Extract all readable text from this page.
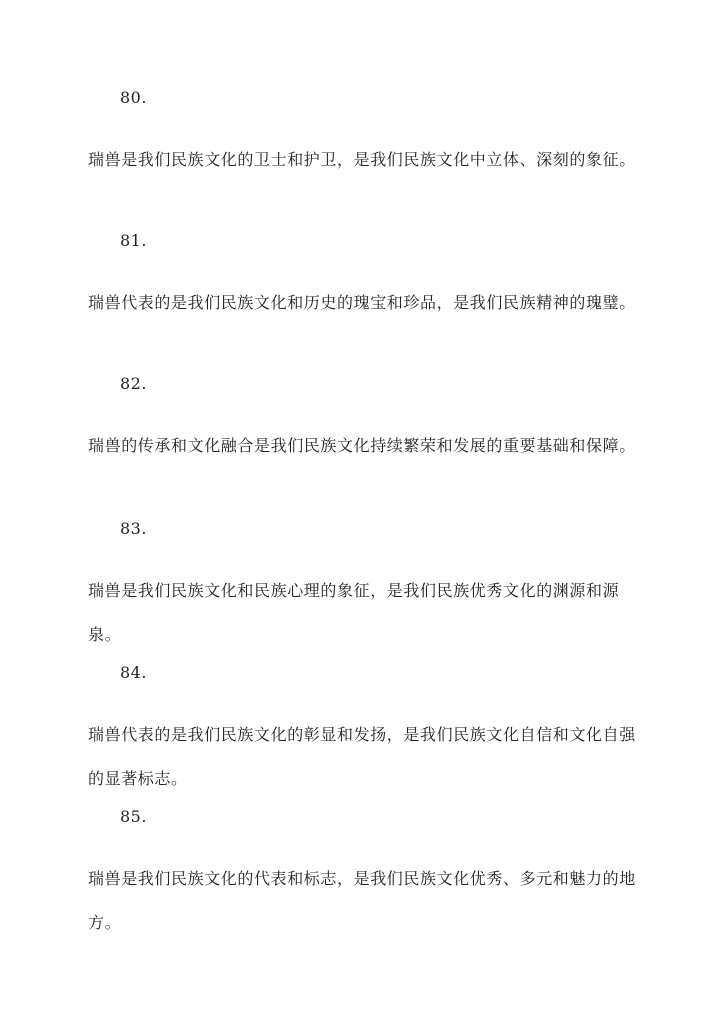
80.
瑞兽是我们民族文化的卫士和护卫，是我们民族文化中立体、深刻的象征。
81.
瑞兽代表的是我们民族文化和历史的瑰宝和珍品，是我们民族精神的瑰璧。
82.
瑞兽的传承和文化融合是我们民族文化持续繁荣和发展的重要基础和保障。
83.
瑞兽是我们民族文化和民族心理的象征，是我们民族优秀文化的渊源和源泉。
84.
瑞兽代表的是我们民族文化的彰显和发扬，是我们民族文化自信和文化自强的显著标志。
85.
瑞兽是我们民族文化的代表和标志，是我们民族文化优秀、多元和魅力的地方。
